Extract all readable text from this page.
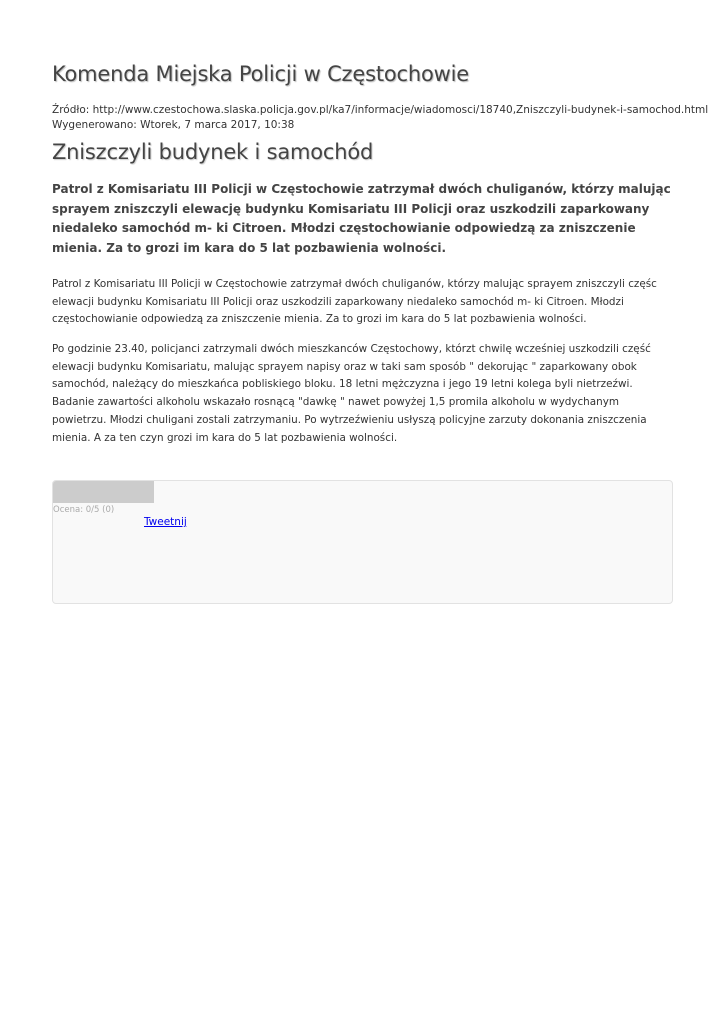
Komenda Miejska Policji w Częstochowie
Źródło: http://www.czestochowa.slaska.policja.gov.pl/ka7/informacje/wiadomosci/18740,Zniszczyli-budynek-i-samochod.html
Wygenerowano: Wtorek, 7 marca 2017, 10:38
Zniszczyli budynek i samochód

Patrol z Komisariatu III Policji w Częstochowie zatrzymał dwóch chuliganów, którzy malując sprayem zniszczyli elewację budynku Komisariatu III Policji oraz uszkodzili zaparkowany niedaleko samochód m- ki Citroen. Młodzi częstochowianie odpowiedzą za zniszczenie mienia. Za to grozi im kara do 5 lat pozbawienia wolności.

Patrol z Komisariatu III Policji w Częstochowie zatrzymał dwóch chuliganów, którzy malując sprayem zniszczyli częśc elewacji budynku Komisariatu III Policji oraz uszkodzili zaparkowany niedaleko samochód m- ki Citroen. Młodzi częstochowianie odpowiedzą za zniszczenie mienia. Za to grozi im kara do 5 lat pozbawienia wolności.

Po godzinie 23.40, policjanci zatrzymali dwóch mieszkanców Częstochowy, którzt chwilę wcześniej uszkodzili część elewacji budynku Komisariatu, malując sprayem napisy oraz w taki sam sposób " dekorując " zaparkowany obok samochód, należący do mieszkańca pobliskiego bloku. 18 letni mężczyzna i jego 19 letni kolega byli nietrzeźwi. Badanie zawartości alkoholu wskazało rosnącą "dawkę " nawet powyżej 1,5 promila alkoholu w wydychanym powietrzu. Młodzi chuligani zostali zatrzymaniu. Po wytrzeźwieniu usłyszą policyjne zarzuty dokonania zniszczenia mienia. A za ten czyn grozi im kara do 5 lat pozbawienia wolności.

Ocena: 0/5 (0)
Tweetnij
